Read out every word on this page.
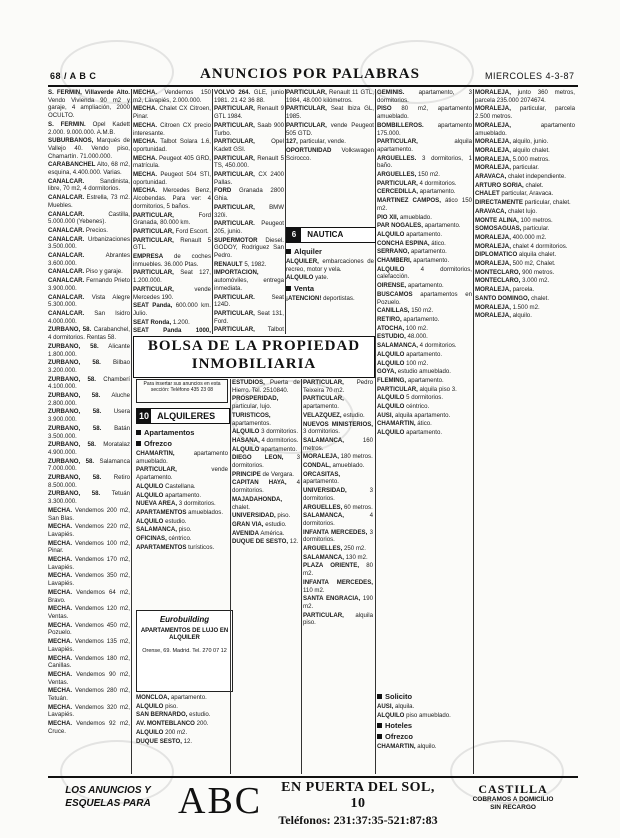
68 / A B C	ANUNCIOS POR PALABRAS	MIERCOLES 4-3-87

S. FERMIN, Villaverde Alto. Vendo Vivienda 90 m2 y garaje, 4 ampliación, 2000 OCULTO.

S. FERMIN. Opel Kadett 2.000. 9.000.000. A.M.B.

SUBURBANOS, Marqués de Vallejo 40. Vendo piso, Chamartín. 71.000.000.

CARABANCHEL Alto, 68 m2, esquina, 4.400.000. Varias.

CANALCAR. Sandinista, libre, 70 m2, 4 dormitorios.

CANALCAR. Estrella, 73 m2. Muebles.

CANALCAR. Castilla, 5.000.000 (Yebenes).

CANALCAR. Precios.

CANALCAR. Urbanizaciones 3.500.000.

CANALCAR. Abrantes 3.600.000.

CANALCAR. Piso y garaje.

CANALCAR. Fernando Prieto 3.900.000.

CANALCAR. Vista Alegre 5.300.000.

CANALCAR. San Isidro 4.000.000.

ZURBANO, 58. Carabanchel, 4 dormitorios. Rentas 58.

ZURBANO, 58. Alicante 1.800.000.

ZURBANO, 58. Bilbao 3.200.000.

ZURBANO, 58. Chamberí 4.100.000.

ZURBANO, 58. Aluche 2.800.000.

ZURBANO, 58. Usera 3.900.000.

ZURBANO, 58. Batán 3.500.000.

ZURBANO, 58. Moratalaz 4.900.000.

ZURBANO, 58. Salamanca 7.000.000.

ZURBANO, 58. Retiro 8.500.000.

ZURBANO, 58. Tetuán 3.300.000.

MECHA. Vendemos 200 m2, San Blas.

MECHA. Vendemos 220 m2, Lavapiés.

MECHA. Vendemos 100 m2, Pinar.

MECHA. Vendemos 170 m2, Lavapiés.

MECHA. Vendemos 350 m2, Lavapiés.

MECHA. Vendemos 64 m2, Bravo.

MECHA. Vendemos 120 m2, Ventas.

MECHA. Vendemos 450 m2, Pozuelo.

MECHA. Vendemos 135 m2, Lavapiés.

MECHA. Vendemos 180 m2, Canillas.

MECHA. Vendemos 90 m2, Ventas.

MECHA. Vendemos 280 m2, Tetuán.

MECHA. Vendemos 320 m2, Lavapiés.

MECHA. Vendemos 92 m2, Cruce.

MECHA. Vendemos 150 m2, Lavapiés, 2.000.000.

MECHA. Chalet CX Citroen, Pinar.

MECHA. Citroen CX precio interesante.

MECHA. Talbot Solara 1.6, oportunidad.

MECHA. Peugeot 405 GRD, matrícula.

MECHA. Peugeot 504 STI, oportunidad.

MECHA. Mercedes Benz, Alcobendas. Para ver: 4 dormitorios, 5 baños.

PARTICULAR, Ford Granada, 80.000 km.

PARTICULAR, Ford Escort.

PARTICULAR, Renault 5 GTL.

EMPRESA de coches inmuebles. 36.000 Ptas.

PARTICULAR, Seat 127, 1.200.000.

PARTICULAR, vende Mercedes 190.

SEAT Panda, 600.000 km. Julio.

SEAT Ronda, 1.200.

SEAT Panda 1000,

VOLVO 264. GLE, junio 1981. 21 42 36 88.

PARTICULAR, Renault 9 GTL 1984.

PARTICULAR, Saab 900 Turbo.

PARTICULAR, Opel Kadett GSI.

PARTICULAR, Renault 5 TS, 450.000.

PARTICULAR, CX 2400 Pallas.

FORD Granada 2800 Ghia.

PARTICULAR, BMW 320i.

PARTICULAR. Peugeot 205, junio.

SUPERMOTOR Diesel. GODOY, Rodriguez San Pedro.

RENAULT 5, 1982.

IMPORTACION, automóviles, entrega inmediata.

PARTICULAR. Seat 124D.

PARTICULAR, Seat 131, Ford.

PARTICULAR, Talbot

PARTICULAR, Renault 11 GTL, 1984, 48.000 kilómetros.

PARTICULAR, Seat Ibiza GL, 1985.

PARTICULAR, vende Peugeot 505 GTD.

127, particular, vende.

OPORTUNIDAD Volkswagen Scirocco.

GEMINIS. apartamento, 3 dormitorios.

PISO 80 m2, apartamento amueblado.

BOMBILLEROS. apartamento 175.000.

PARTICULAR, alquila apartamento.

ARGUELLES. 3 dormitorios, 1 baño.

ARGUELLES, 150 m2.

PARTICULAR, 4 dormitorios.

CERCEDILLA, apartamento.

MARTINEZ CAMPOS, ático 150 m2.

PIO XII, amueblado.

PAR NOGALES, apartamento.

ALQUILO apartamento.

CONCHA ESPINA, ático.

SERRANO, apartamento.

CHAMBERI, apartamento.

ALQUILO 4 dormitorios, calefacción.

OIRENSE, apartamento.

BUSCAMOS apartamentos en Pozuelo.

CANILLAS, 150 m2.

RETIRO, apartamento.

ATOCHA, 100 m2.

ESTUDIO, 48.000.

SALAMANCA, 4 dormitorios.

ALQUILO apartamento.

ALQUILO 100 m2.

GOYA, estudio amueblado.

FLEMING, apartamento.

PARTICULAR, alquila piso 3.

ALQUILO 5 dormitorios.

ALQUILO céntrico.

AUSI, alquila apartamento.

CHAMARTIN, ático.

ALQUILO apartamento.

MORALEJA, junto 360 metros, parcela 235.000 2074674.

MORALEJA, particular, parcela 2.500 metros.

MORALEJA, apartamento amueblado.

MORALEJA, alquilo, junio.

MORALEJA, alquilo chalet.

MORALEJA, 5.000 metros.

MORALEJA, particular.

ARAVACA, chalet independiente.

ARTURO SORIA, chalet.

CHALET particular, Aravaca.

DIRECTAMENTE particular, chalet.

ARAVACA, chalet lujo.

MONTE ALINA, 100 metros.

SOMOSAGUAS, particular.

MORALEJA, 400.000 m2.

MORALEJA, chalet 4 dormitorios.

DIPLOMATICO alquila chalet.

MORALEJA, 500 m2, Chalet.

MONTECLARO, 900 metros.

MONTECLARO, 3.000 m2.

MORALEJA, parcela.

SANTO DOMINGO, chalet.

MORALEJA, 1.500 m2.

MORALEJA, alquilo.

Alquiler

ALQUILER, embarcaciones de recreo, motor y vela.

ALQUILO yate.

Venta

¡ATENCION! deportistas.

6 NAUTICA
BOLSA DE LA PROPIEDAD
INMOBILIARIA
Para insertar sus anuncios en esta sección: Teléfono 435 23 08
10 ALQUILERES
Apartamentos
Ofrezco

CHAMARTIN, apartamento amueblado.

PARTICULAR, vende Apartamento.

ALQUILO Castellana.

ALQUILO apartamento.

NUEVA AREA, 3 dormitorios.

APARTAMENTOS amueblados.

ALQUILO estudio.

SALAMANCA, piso.

OFICINAS, céntrico.

APARTAMENTOS turísticos.

Eurobuilding
APARTAMENTOS DE LUJO EN ALQUILER
Orense, 69. Madrid. Tel. 270 07 12

MONCLOA, apartamento.

ALQUILO piso.

SAN BERNARDO, estudio.

AV. MONTEBLANCO 200.

ALQUILO 200 m2.

DUQUE SESTO, 12.

ESTUDIOS, Puerta de Hierro. Tel. 2510840.

PROSPERIDAD, particular, lujo.

TURISTICOS, apartamentos.

ALQUILO 3 dormitorios.

HASANA, 4 dormitorios.

ALQUILO apartamento.

DIEGO LEON, 3 dormitorios.

PRINCIPE de Vergara.

CAPITAN HAYA, 4 dormitorios.

MAJADAHONDA, chalet.

UNIVERSIDAD, piso.

GRAN VIA, estudio.

AVENIDA América.

DUQUE DE SESTO, 12.

PARTICULAR, Pedro Teixeira 70 m2.

PARTICULAR, apartamento.

VELAZQUEZ, estudio.

NUEVOS MINISTERIOS, 3 dormitorios.

SALAMANCA, 160 metros.

MORALEJA, 180 metros.

CONDAL, amueblado.

ORCASITAS, apartamento.

UNIVERSIDAD, 3 dormitorios.

ARGUELLES, 60 metros.

SALAMANCA, 4 dormitorios.

INFANTA MERCEDES, 3 dormitorios.

ARGUELLES, 250 m2.

SALAMANCA, 130 m2.

PLAZA ORIENTE, 80 m2.

INFANTA MERCEDES, 110 m2.

SANTA ENGRACIA, 190 m2.

PARTICULAR, alquila piso.

Solicito

AUSI, alquila.

ALQUILO piso amueblado.

Hoteles
Ofrezco

CHAMARTIN, alquilo.

LOS ANUNCIOS Y
ESQUELAS PARA ABC	EN PUERTA DEL SOL, 10
Teléfonos: 231:37:35-521:87:83
CASTILLA
COBRAMOS A DOMICILIO
SIN RECARGO
